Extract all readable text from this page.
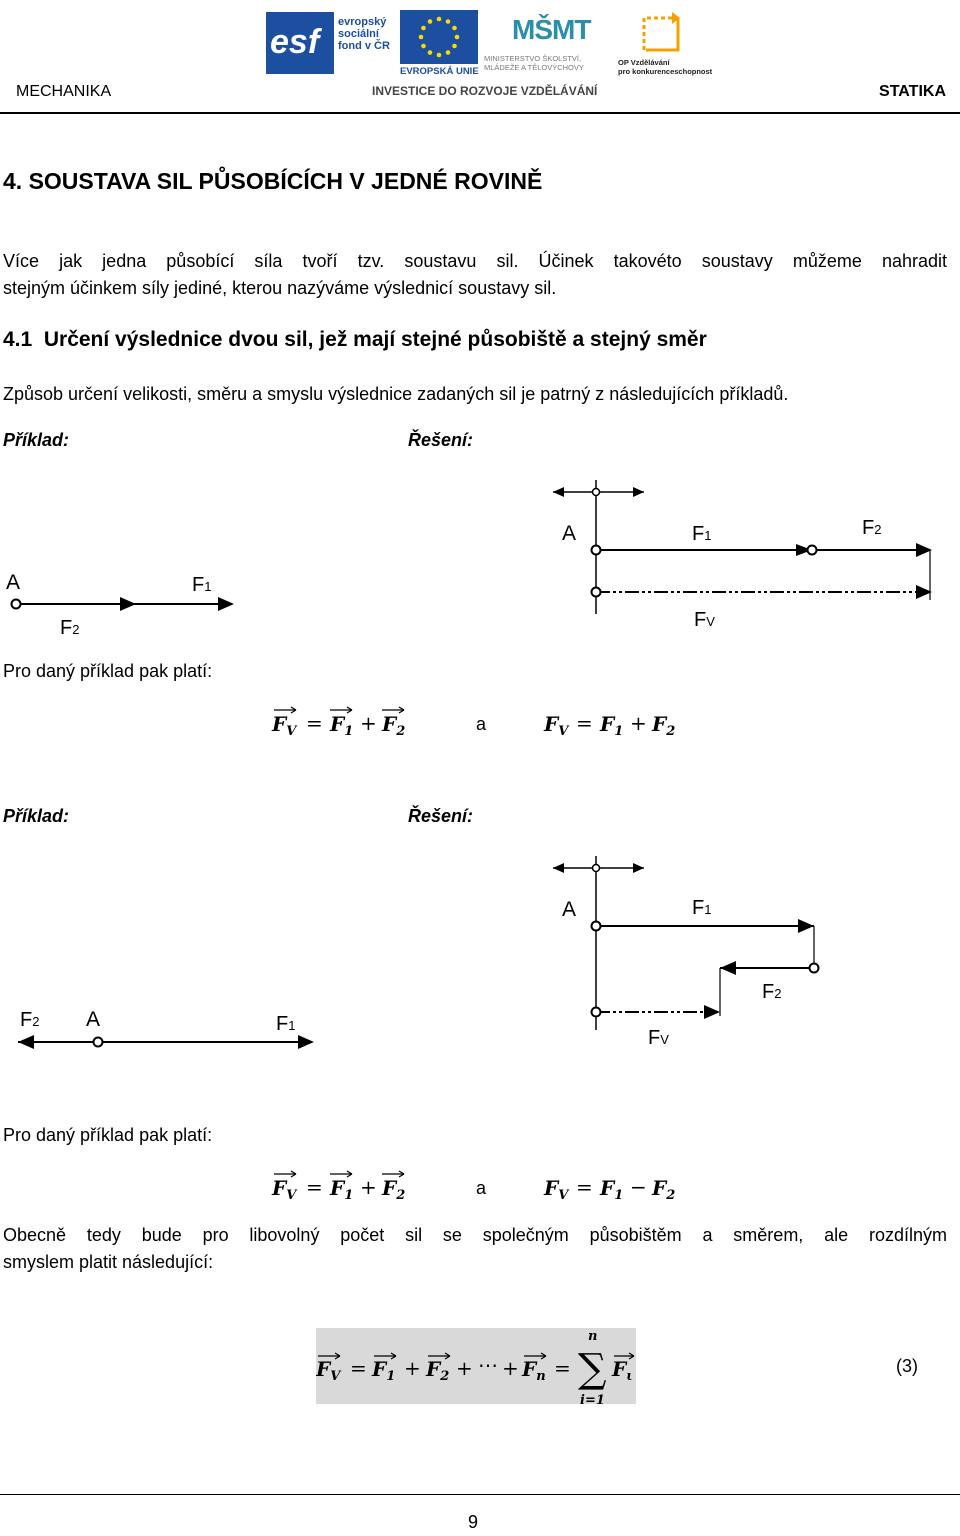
esf
evropský
sociální
fond v ČR
EVROPSKÁ UNIE
MŠMT
MINISTERSTVO ŠKOLSTVÍ,
MLÁDEŽE A TĚLOVÝCHOVY
OP Vzdělávání
pro konkurenceschopnost
INVESTICE DO ROZVOJE VZDĚLÁVÁNÍ
MECHANIKA	STATIKA
4. SOUSTAVA SIL PŮSOBÍCÍCH V JEDNÉ ROVINĚ
Více jak jedna působící síla tvoří tzv. soustavu sil. Účinek takovéto soustavy můžeme nahradit
stejným účinkem síly jediné, kterou nazýváme výslednicí soustavy sil.
4.1  Určení výslednice dvou sil, jež mají stejné působiště a stejný směr
Způsob určení velikosti, směru a smyslu výslednice zadaných sil je patrný z následujících příkladů.
Příklad:	Řešení:
A	F1
F2
A	F1	F2
FV
Pro daný příklad pak platí:
$F_V = F_1 + F_2$	a	$F_V = F_1 + F_2$
Příklad:	Řešení:
F2 A	F1
A	F1
F2
FV
Pro daný příklad pak platí:
$F_V = F_1 + F_2$	a	$F_V = F_1 - F_2$
Obecně tedy bude pro libovolný počet sil se společným působištěm a směrem, ale rozdílným
smyslem platit následující:
$F_V = F_1 + F_2$ + ⋯ + $F_n$ =
n
∑
i=1
$F_\iota$
(3)
9
